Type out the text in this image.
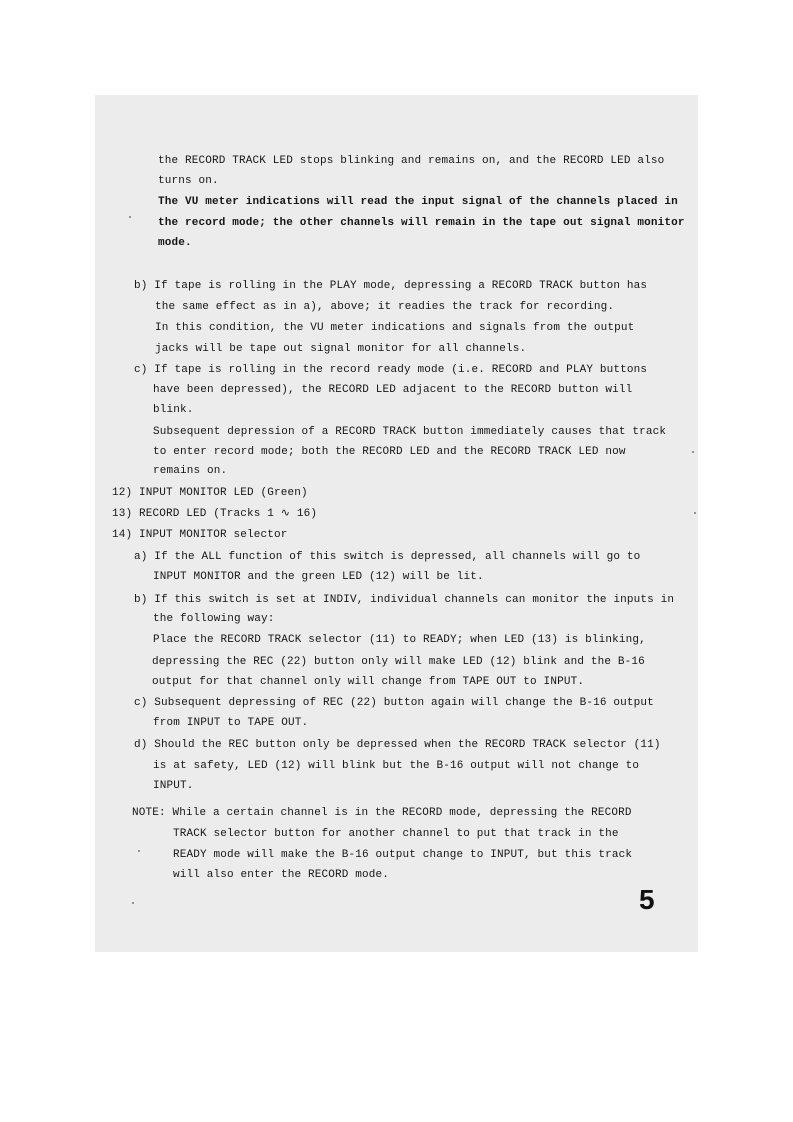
the RECORD TRACK LED stops blinking and remains on, and the RECORD LED also
turns on.
The VU meter indications will read the input signal of the channels placed in
the record mode; the other channels will remain in the tape out signal monitor
mode.
b) If tape is rolling in the PLAY mode, depressing a RECORD TRACK button has
the same effect as in a), above; it readies the track for recording.
In this condition, the VU meter indications and signals from the output
jacks will be tape out signal monitor for all channels.
c) If tape is rolling in the record ready mode (i.e. RECORD and PLAY buttons
have been depressed), the RECORD LED adjacent to the RECORD button will
blink.
Subsequent depression of a RECORD TRACK button immediately causes that track
to enter record mode; both the RECORD LED and the RECORD TRACK LED now
remains on.
12) INPUT MONITOR LED (Green)
13) RECORD LED (Tracks 1 ∿ 16)
14) INPUT MONITOR selector
a) If the ALL function of this switch is depressed, all channels will go to
INPUT MONITOR and the green LED (12) will be lit.
b) If this switch is set at INDIV, individual channels can monitor the inputs in
the following way:
Place the RECORD TRACK selector (11) to READY; when LED (13) is blinking,
depressing the REC (22) button only will make LED (12) blink and the B-16
output for that channel only will change from TAPE OUT to INPUT.
c) Subsequent depressing of REC (22) button again will change the B-16 output
from INPUT to TAPE OUT.
d) Should the REC button only be depressed when the RECORD TRACK selector (11)
is at safety, LED (12) will blink but the B-16 output will not change to
INPUT.
NOTE: While a certain channel is in the RECORD mode, depressing the RECORD
TRACK selector button for another channel to put that track in the
READY mode will make the B-16 output change to INPUT, but this track
will also enter the RECORD mode.
5
